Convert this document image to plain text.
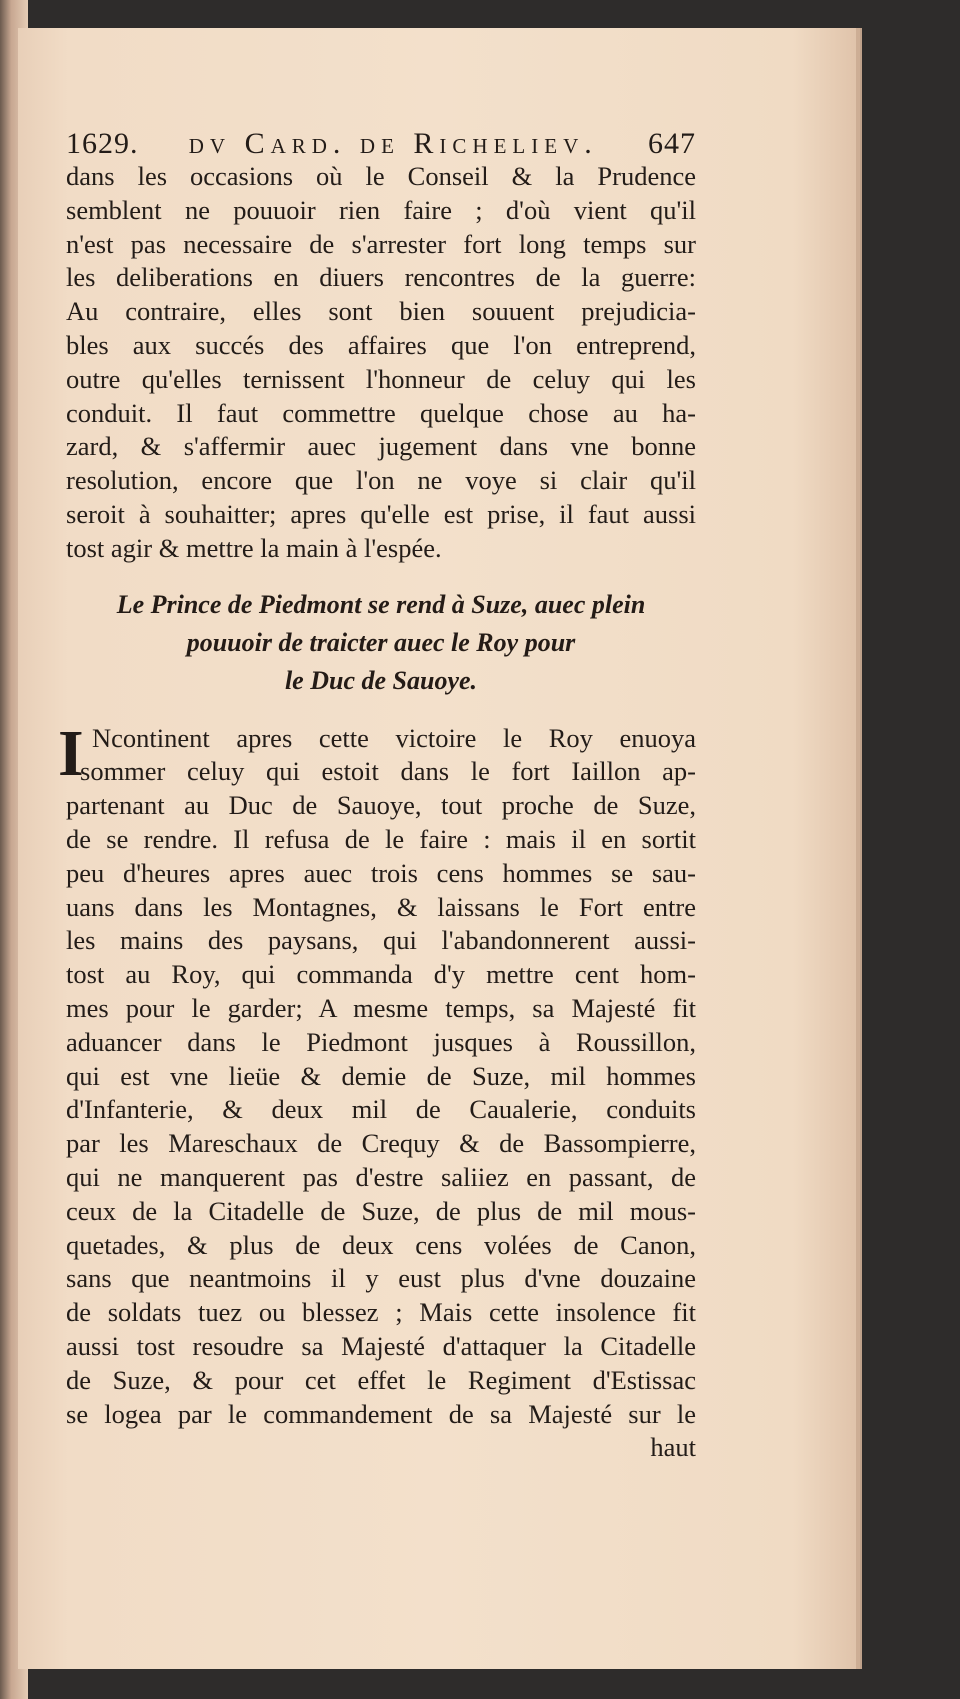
1629. dv Card. de Richeliev. 647
dans les occasions où le Conseil & la Prudence
semblent ne pouuoir rien faire ; d'où vient qu'il
n'est pas necessaire de s'arrester fort long temps sur
les deliberations en diuers rencontres de la guerre:
Au contraire, elles sont bien souuent prejudicia-
bles aux succés des affaires que l'on entreprend,
outre qu'elles ternissent l'honneur de celuy qui les
conduit. Il faut commettre quelque chose au ha-
zard, & s'affermir auec jugement dans vne bonne
resolution, encore que l'on ne voye si clair qu'il
seroit à souhaitter; apres qu'elle est prise, il faut aussi
tost agir & mettre la main à l'espée.
Le Prince de Piedmont se rend à Suze, auec plein
pouuoir de traicter auec le Roy pour
le Duc de Sauoye.
I Ncontinent apres cette victoire le Roy enuoya
sommer celuy qui estoit dans le fort Iaillon ap-
partenant au Duc de Sauoye, tout proche de Suze,
de se rendre. Il refusa de le faire : mais il en sortit
peu d'heures apres auec trois cens hommes se sau-
uans dans les Montagnes, & laissans le Fort entre
les mains des paysans, qui l'abandonnerent aussi-
tost au Roy, qui commanda d'y mettre cent hom-
mes pour le garder; A mesme temps, sa Majesté fit
aduancer dans le Piedmont jusques à Roussillon,
qui est vne lieüe & demie de Suze, mil hommes
d'Infanterie, & deux mil de Caualerie, conduits
par les Mareschaux de Crequy & de Bassompierre,
qui ne manquerent pas d'estre saliiez en passant, de
ceux de la Citadelle de Suze, de plus de mil mous-
quetades, & plus de deux cens volées de Canon,
sans que neantmoins il y eust plus d'vne douzaine
de soldats tuez ou blessez ; Mais cette insolence fit
aussi tost resoudre sa Majesté d'attaquer la Citadelle
de Suze, & pour cet effet le Regiment d'Estissac
se logea par le commandement de sa Majesté sur le
haut
